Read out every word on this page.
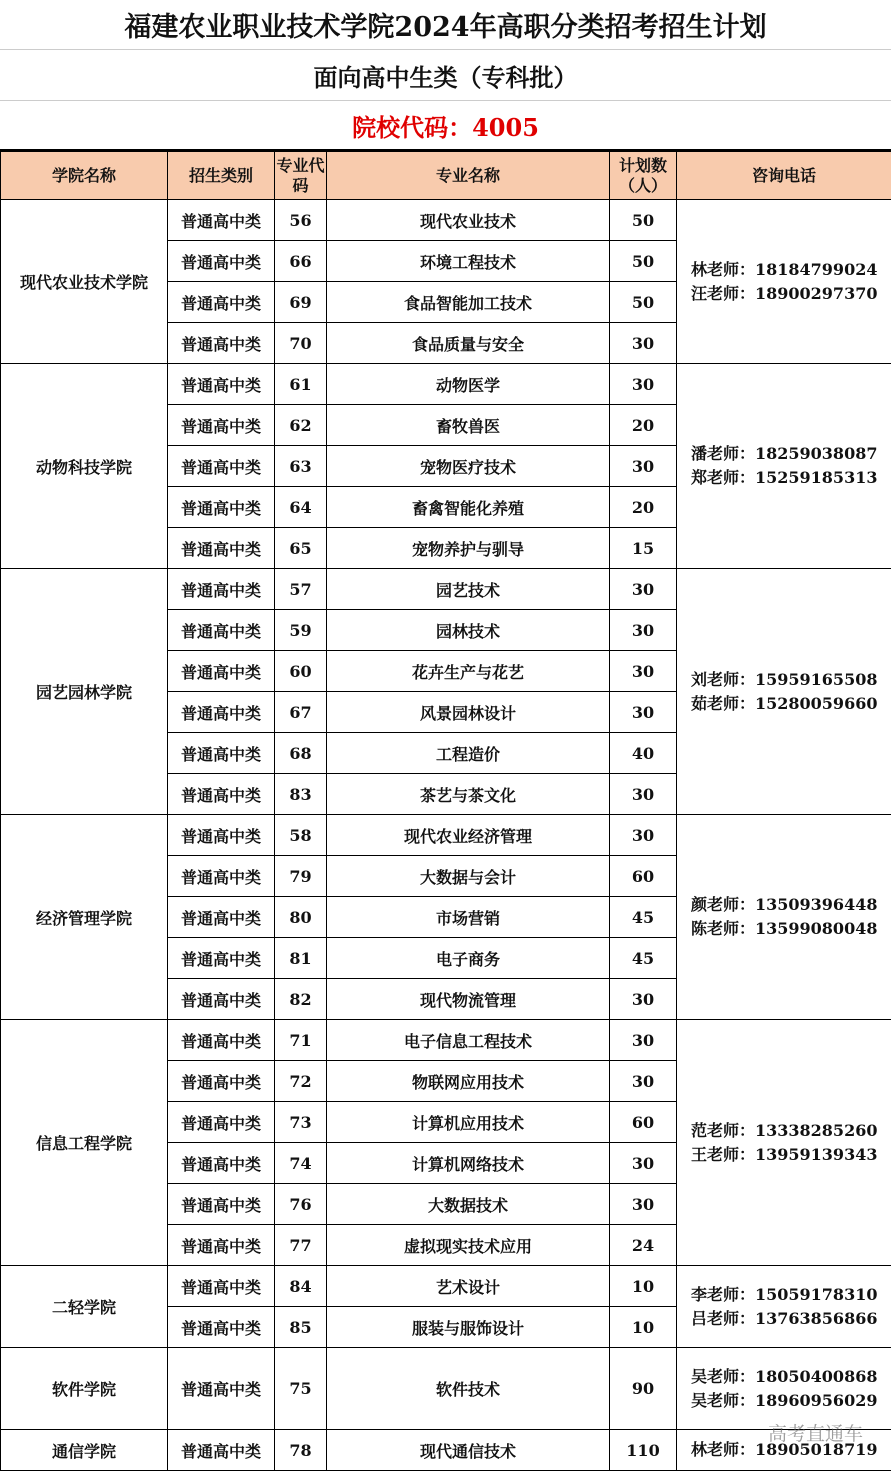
福建农业职业技术学院2024年高职分类招考招生计划
面向高中生类（专科批）
院校代码：4005
学院名称	招生类别	专业代码	专业名称	计划数（人）	咨询电话
现代农业技术学院	普通高中类	56	现代农业技术	50	林老师：18184799024
汪老师：18900297370

	普通高中类	66	环境工程技术	50	
	普通高中类	69	食品智能加工技术	50	
	普通高中类	70	食品质量与安全	30	
动物科技学院	普通高中类	61	动物医学	30	潘老师：18259038087
郑老师：15259185313

	普通高中类	62	畜牧兽医	20	
	普通高中类	63	宠物医疗技术	30	
	普通高中类	64	畜禽智能化养殖	20	
	普通高中类	65	宠物养护与驯导	15	
园艺园林学院	普通高中类	57	园艺技术	30	刘老师：15959165508
茹老师：15280059660

	普通高中类	59	园林技术	30	
	普通高中类	60	花卉生产与花艺	30	
	普通高中类	67	风景园林设计	30	
	普通高中类	68	工程造价	40	
	普通高中类	83	茶艺与茶文化	30	
经济管理学院	普通高中类	58	现代农业经济管理	30	颜老师：13509396448
陈老师：13599080048

	普通高中类	79	大数据与会计	60	
	普通高中类	80	市场营销	45	
	普通高中类	81	电子商务	45	
	普通高中类	82	现代物流管理	30	
信息工程学院	普通高中类	71	电子信息工程技术	30	范老师：13338285260
王老师：13959139343

	普通高中类	72	物联网应用技术	30	
	普通高中类	73	计算机应用技术	60	
	普通高中类	74	计算机网络技术	30	
	普通高中类	76	大数据技术	30	
	普通高中类	77	虚拟现实技术应用	24	
二轻学院	普通高中类	84	艺术设计	10	李老师：15059178310
吕老师：13763856866

	普通高中类	85	服装与服饰设计	10	
软件学院	普通高中类	75	软件技术	90	吴老师：18050400868
吴老师：18960956029

通信学院	普通高中类	78	现代通信技术	110	林老师：18905018719
高考直通车
